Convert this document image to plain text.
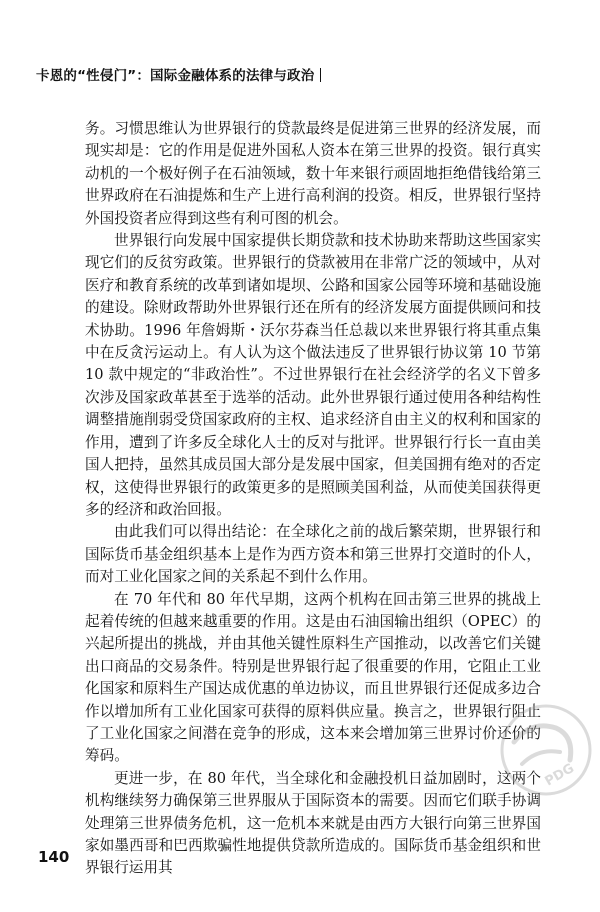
卡恩的“性侵门”：国际金融体系的法律与政治

务。习惯思维认为世界银行的贷款最终是促进第三世界的经济发展，而现实却是：它的作用是促进外国私人资本在第三世界的投资。银行真实动机的一个极好例子在石油领域，数十年来银行顽固地拒绝借钱给第三世界政府在石油提炼和生产上进行高利润的投资。相反，世界银行坚持外国投资者应得到这些有利可图的机会。

世界银行向发展中国家提供长期贷款和技术协助来帮助这些国家实现它们的反贫穷政策。世界银行的贷款被用在非常广泛的领域中，从对医疗和教育系统的改革到诸如堤坝、公路和国家公园等环境和基础设施的建设。除财政帮助外世界银行还在所有的经济发展方面提供顾问和技术协助。1996 年詹姆斯・沃尔芬森当任总裁以来世界银行将其重点集中在反贪污运动上。有人认为这个做法违反了世界银行协议第 10 节第 10 款中规定的“非政治性”。不过世界银行在社会经济学的名义下曾多次涉及国家政革甚至于选举的活动。此外世界银行通过使用各种结构性调整措施削弱受贷国家政府的主权、追求经济自由主义的权利和国家的作用，遭到了许多反全球化人士的反对与批评。世界银行行长一直由美国人把持，虽然其成员国大部分是发展中国家，但美国拥有绝对的否定权，这使得世界银行的政策更多的是照顾美国利益，从而使美国获得更多的经济和政治回报。

由此我们可以得出结论：在全球化之前的战后繁荣期，世界银行和国际货币基金组织基本上是作为西方资本和第三世界打交道时的仆人，而对工业化国家之间的关系起不到什么作用。

在 70 年代和 80 年代早期，这两个机构在回击第三世界的挑战上起着传统的但越来越重要的作用。这是由石油国输出组织（OPEC）的兴起所提出的挑战，并由其他关键性原料生产国推动，以改善它们关键出口商品的交易条件。特别是世界银行起了很重要的作用，它阻止工业化国家和原料生产国达成优惠的单边协议，而且世界银行还促成多边合作以增加所有工业化国家可获得的原料供应量。换言之，世界银行阻止了工业化国家之间潜在竞争的形成，这本来会增加第三世界讨价还价的筹码。

更进一步，在 80 年代，当全球化和金融投机日益加剧时，这两个机构继续努力确保第三世界服从于国际资本的需要。因而它们联手协调处理第三世界债务危机，这一危机本来就是由西方大银行向第三世界国家如墨西哥和巴西欺骗性地提供贷款所造成的。国际货币基金组织和世界银行运用其

140
PDG
